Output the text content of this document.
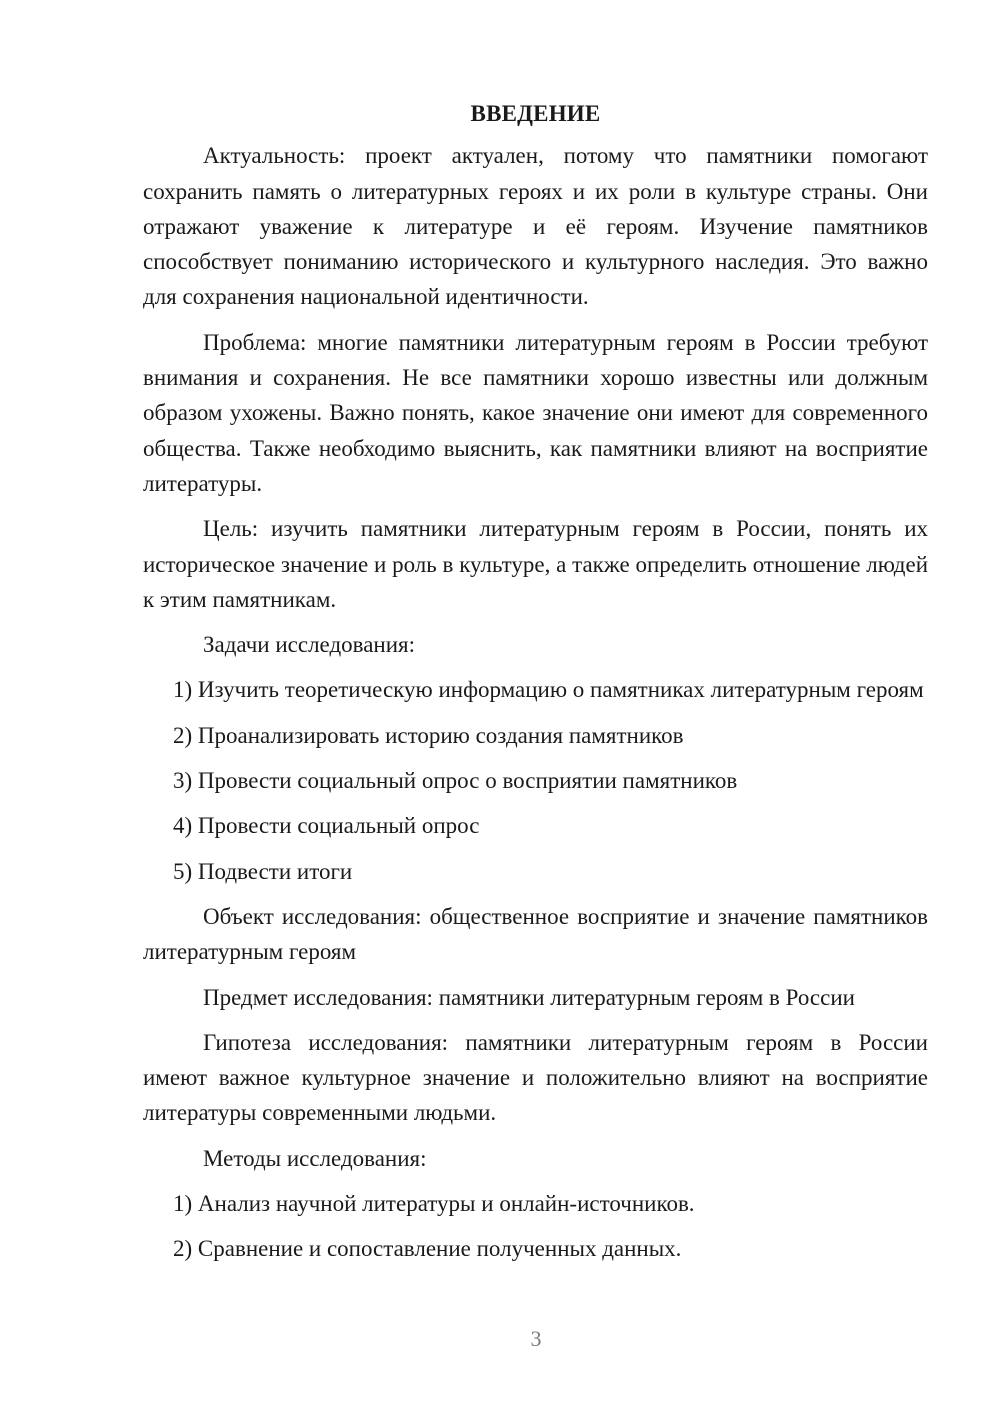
ВВЕДЕНИЕ

Актуальность: проект актуален, потому что памятники помогают сохранить память о литературных героях и их роли в культуре страны. Они отражают уважение к литературе и её героям. Изучение памятников способствует пониманию исторического и культурного наследия. Это важно для сохранения национальной идентичности.

Проблема: многие памятники литературным героям в России требуют внимания и сохранения. Не все памятники хорошо известны или должным образом ухожены. Важно понять, какое значение они имеют для современного общества. Также необходимо выяснить, как памятники влияют на восприятие литературы.

Цель: изучить памятники литературным героям в России, понять их историческое значение и роль в культуре, а также определить отношение людей к этим памятникам.

Задачи исследования:

1) Изучить теоретическую информацию о памятниках литературным героям

2) Проанализировать историю создания памятников

3) Провести социальный опрос о восприятии памятников

4) Провести социальный опрос

5) Подвести итоги

Объект исследования: общественное восприятие и значение памятников литературным героям

Предмет исследования: памятники литературным героям в России

Гипотеза исследования: памятники литературным героям в России имеют важное культурное значение и положительно влияют на восприятие литературы современными людьми.

Методы исследования:

1) Анализ научной литературы и онлайн-источников.

2) Сравнение и сопоставление полученных данных.

3
